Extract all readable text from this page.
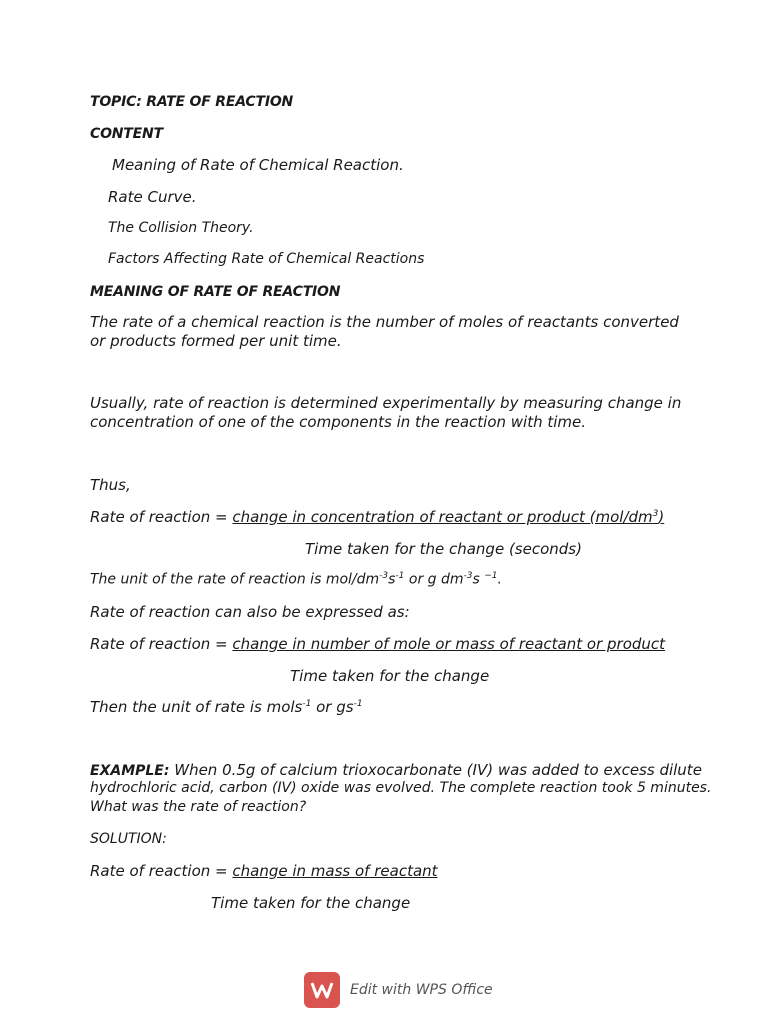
TOPIC: RATE OF REACTION
CONTENT
Meaning of Rate of Chemical Reaction.
Rate Curve.
The Collision Theory.
Factors Affecting Rate of Chemical Reactions
MEANING OF RATE OF REACTION
The rate of a chemical reaction is the number of moles of reactants converted or products formed per unit time.
Usually, rate of reaction is determined experimentally by measuring change in concentration of one of the components in the reaction with time.
Thus,
Rate of reaction = change in concentration of reactant or product $(mol/dm^3)$
Time taken for the change (seconds)
The unit of the rate of reaction is mol/$dm^{-3}s^{-1}$ or g $dm^{-3}s$ $^{-1}$.
Rate of reaction can also be expressed as:
Rate of reaction = change in number of mole or mass of reactant or product
Time taken for the change
Then the unit of rate is mols$^{-1}$ or $gs^{-1}$
EXAMPLE: When 0.5g of calcium trioxocarbonate (IV) was added to excess dilute
hydrochloric acid, carbon (IV) oxide was evolved. The complete reaction took 5 minutes.
What was the rate of reaction?
SOLUTION:
Rate of reaction = change in mass of reactant
Time taken for the change
Edit with WPS Office
